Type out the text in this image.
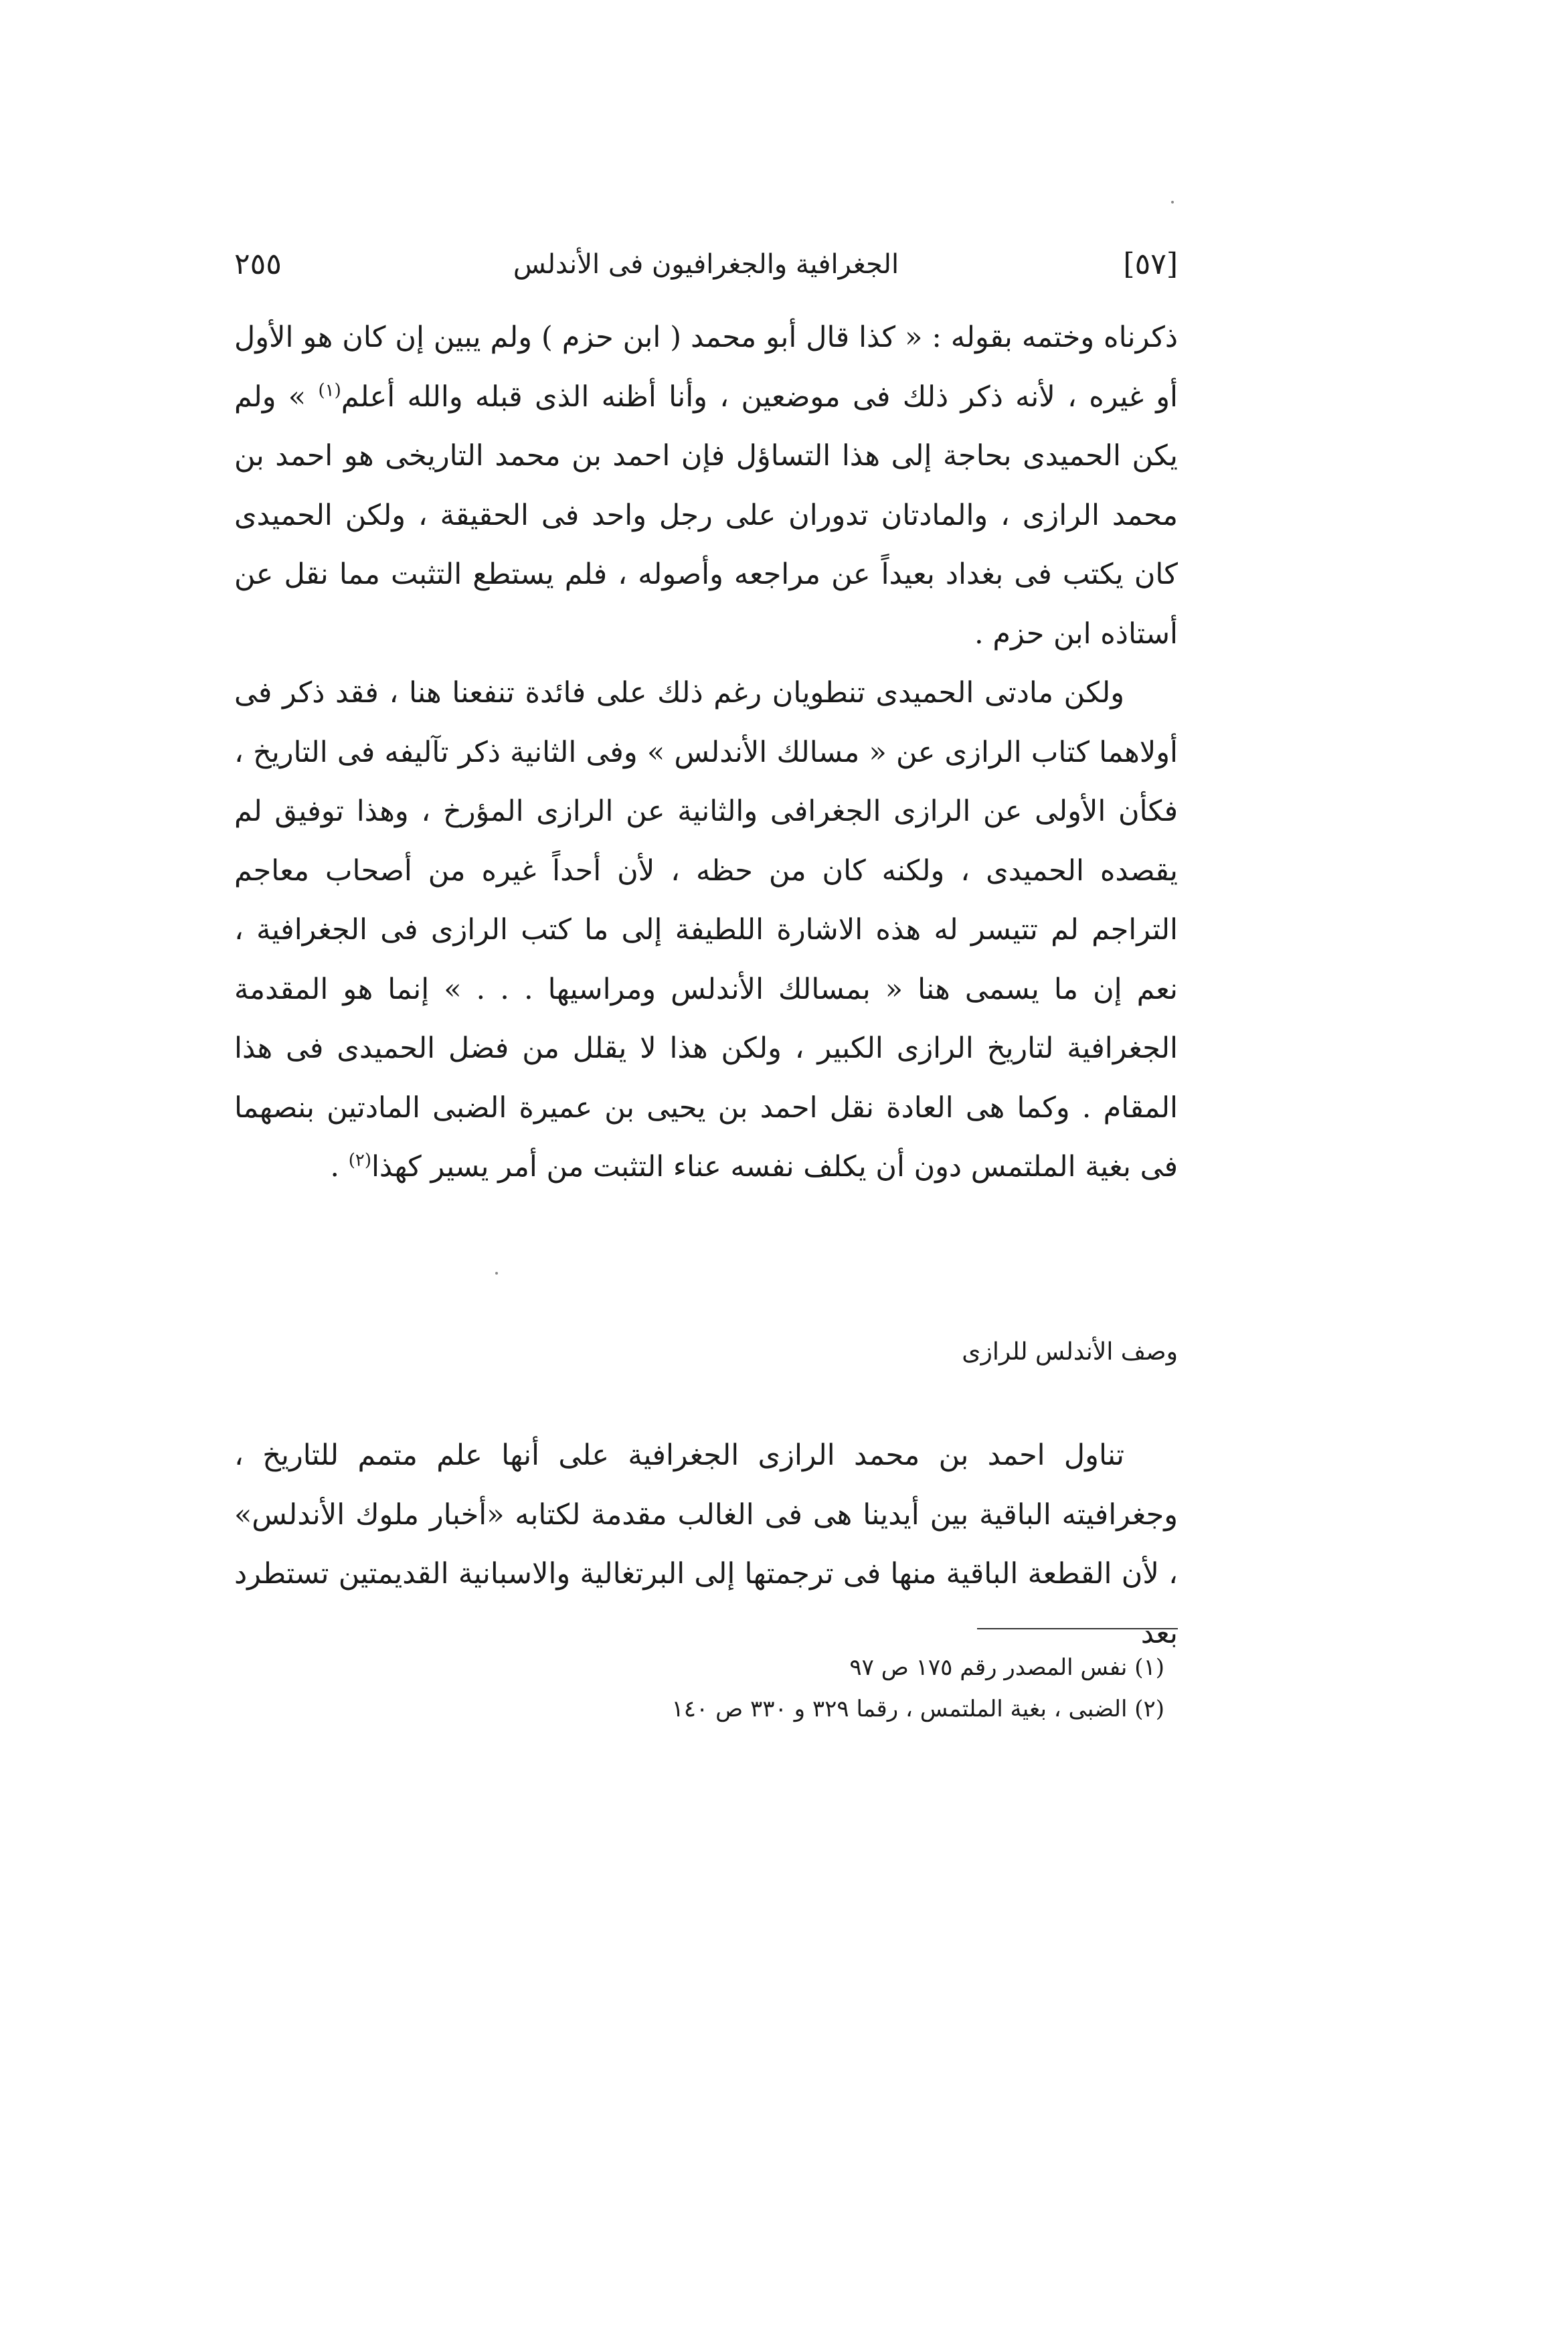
[٥٧]
الجغرافية والجغرافيون فى الأندلس
٢٥٥

ذكرناه وختمه بقوله : « كذا قال أبو محمد ( ابن حزم ) ولم يبين إن كان هو الأول أو غيره ، لأنه ذكر ذلك فى موضعين ، وأنا أظنه الذى قبله والله أعلم$^{(١)}$ » ولم يكن الحميدى بحاجة إلى هذا التساؤل فإن احمد بن محمد التاريخى هو احمد بن محمد الرازى ، والمادتان تدوران على رجل واحد فى الحقيقة ، ولكن الحميدى كان يكتب فى بغداد بعيداً عن مراجعه وأصوله ، فلم يستطع التثبت مما نقل عن أستاذه ابن حزم .

ولكن مادتى الحميدى تنطويان رغم ذلك على فائدة تنفعنا هنا ، فقد ذكر فى أولاهما كتاب الرازى عن « مسالك الأندلس » وفى الثانية ذكر تآليفه فى التاريخ ، فكأن الأولى عن الرازى الجغرافى والثانية عن الرازى المؤرخ ، وهذا توفيق لم يقصده الحميدى ، ولكنه كان من حظه ، لأن أحداً غيره من أصحاب معاجم التراجم لم تتيسر له هذه الاشارة اللطيفة إلى ما كتب الرازى فى الجغرافية ، نعم إن ما يسمى هنا « بمسالك الأندلس ومراسيها . . . » إنما هو المقدمة الجغرافية لتاريخ الرازى الكبير ، ولكن هذا لا يقلل من فضل الحميدى فى هذا المقام . وكما هى العادة نقل احمد بن يحيى بن عميرة الضبى المادتين بنصهما فى بغية الملتمس دون أن يكلف نفسه عناء التثبت من أمر يسير كهذا$^{(٢)}$ .

وصف الأندلس للرازى

تناول احمد بن محمد الرازى الجغرافية على أنها علم متمم للتاريخ ، وجغرافيته الباقية بين أيدينا هى فى الغالب مقدمة لكتابه «أخبار ملوك الأندلس» ، لأن القطعة الباقية منها فى ترجمتها إلى البرتغالية والاسبانية القديمتين تستطرد بعد

(١) نفس المصدر رقم ١٧٥ ص ٩٧
(٢) الضبى ، بغية الملتمس ، رقما ٣٢٩ و ٣٣٠ ص ١٤٠
